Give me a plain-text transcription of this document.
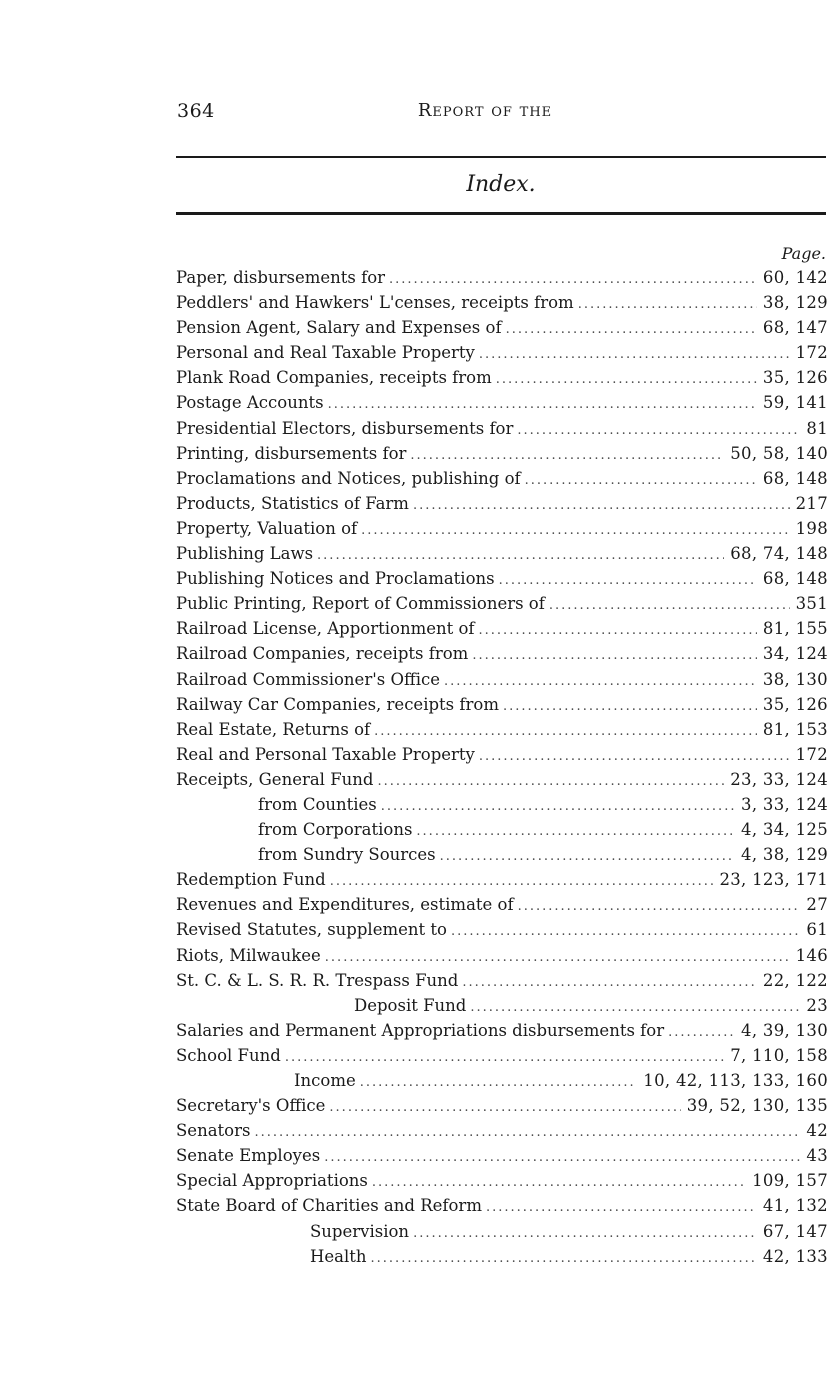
364	Report of the
Index.
Page.
Paper, disbursements for .....	60, 142
Peddlers' and Hawkers' L'censes, receipts from .....	38, 129
Pension Agent, Salary and Expenses of .....	68, 147
Personal and Real Taxable Property .....	172
Plank Road Companies, receipts from .....	35, 126
Postage Accounts .....	59, 141
Presidential Electors, disbursements for .....	81
Printing, disbursements for .....	50, 58, 140
Proclamations and Notices, publishing of .....	68, 148
Products, Statistics of Farm .....	217
Property, Valuation of .....	198
Publishing Laws .....	68, 74, 148
Publishing Notices and Proclamations .....	68, 148
Public Printing, Report of Commissioners of .....	351
Railroad License, Apportionment of .....	81, 155
Railroad Companies, receipts from .....	34, 124
Railroad Commissioner's Office .....	38, 130
Railway Car Companies, receipts from .....	35, 126
Real Estate, Returns of .....	81, 153
Real and Personal Taxable Property .....	172
Receipts, General Fund .....	23, 33, 124
from Counties .....	3, 33, 124
from Corporations .....	4, 34, 125
from Sundry Sources .....	4, 38, 129
Redemption Fund .....	23, 123, 171
Revenues and Expenditures, estimate of .....	27
Revised Statutes, supplement to .....	61
Riots, Milwaukee .....	146
St. C. & L. S. R. R. Trespass Fund .....	22, 122
Deposit Fund .....	23
Salaries and Permanent Appropriations disbursements for .....	4, 39, 130
School Fund .....	7, 110, 158
Income .....	10, 42, 113, 133, 160
Secretary's Office .....	39, 52, 130, 135
Senators .....	42
Senate Employes .....	43
Special Appropriations .....	109, 157
State Board of Charities and Reform .....	41, 132
Supervision .....	67, 147
Health .....	42, 133
